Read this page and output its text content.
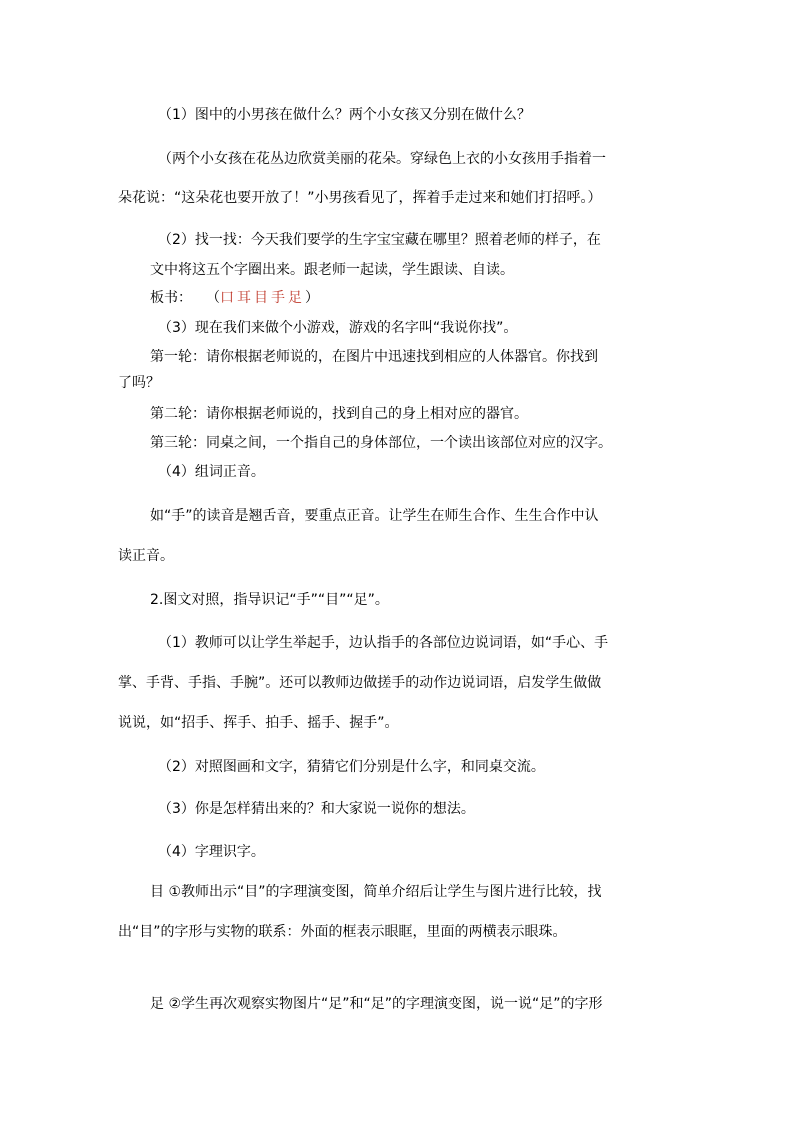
（1）图中的小男孩在做什么？两个小女孩又分别在做什么？
（两个小女孩在花丛边欣赏美丽的花朵。穿绿色上衣的小女孩用手指着一
朵花说：“这朵花也要开放了！”小男孩看见了，挥着手走过来和她们打招呼。）
（2）找一找：今天我们要学的生字宝宝藏在哪里？照着老师的样子，在
文中将这五个字圈出来。跟老师一起读，学生跟读、自读。
板书： （口耳目手足）
（3）现在我们来做个小游戏，游戏的名字叫“我说你找”。
第一轮：请你根据老师说的，在图片中迅速找到相应的人体器官。你找到
了吗？
第二轮：请你根据老师说的，找到自己的身上相对应的器官。
第三轮：同桌之间，一个指自己的身体部位，一个读出该部位对应的汉字。
（4）组词正音。
如“手”的读音是翘舌音，要重点正音。让学生在师生合作、生生合作中认
读正音。
2.图文对照，指导识记“手”“目”“足”。
（1）教师可以让学生举起手，边认指手的各部位边说词语，如“手心、手
掌、手背、手指、手腕”。还可以教师边做搓手的动作边说词语，启发学生做做
说说，如“招手、挥手、拍手、摇手、握手”。
（2）对照图画和文字，猜猜它们分别是什么字，和同桌交流。
（3）你是怎样猜出来的？和大家说一说你的想法。
（4）字理识字。
目 ①教师出示“目”的字理演变图，简单介绍后让学生与图片进行比较，找
出“目”的字形与实物的联系：外面的框表示眼眶，里面的两横表示眼珠。
足 ②学生再次观察实物图片“足”和“足”的字理演变图，说一说“足”的字形
